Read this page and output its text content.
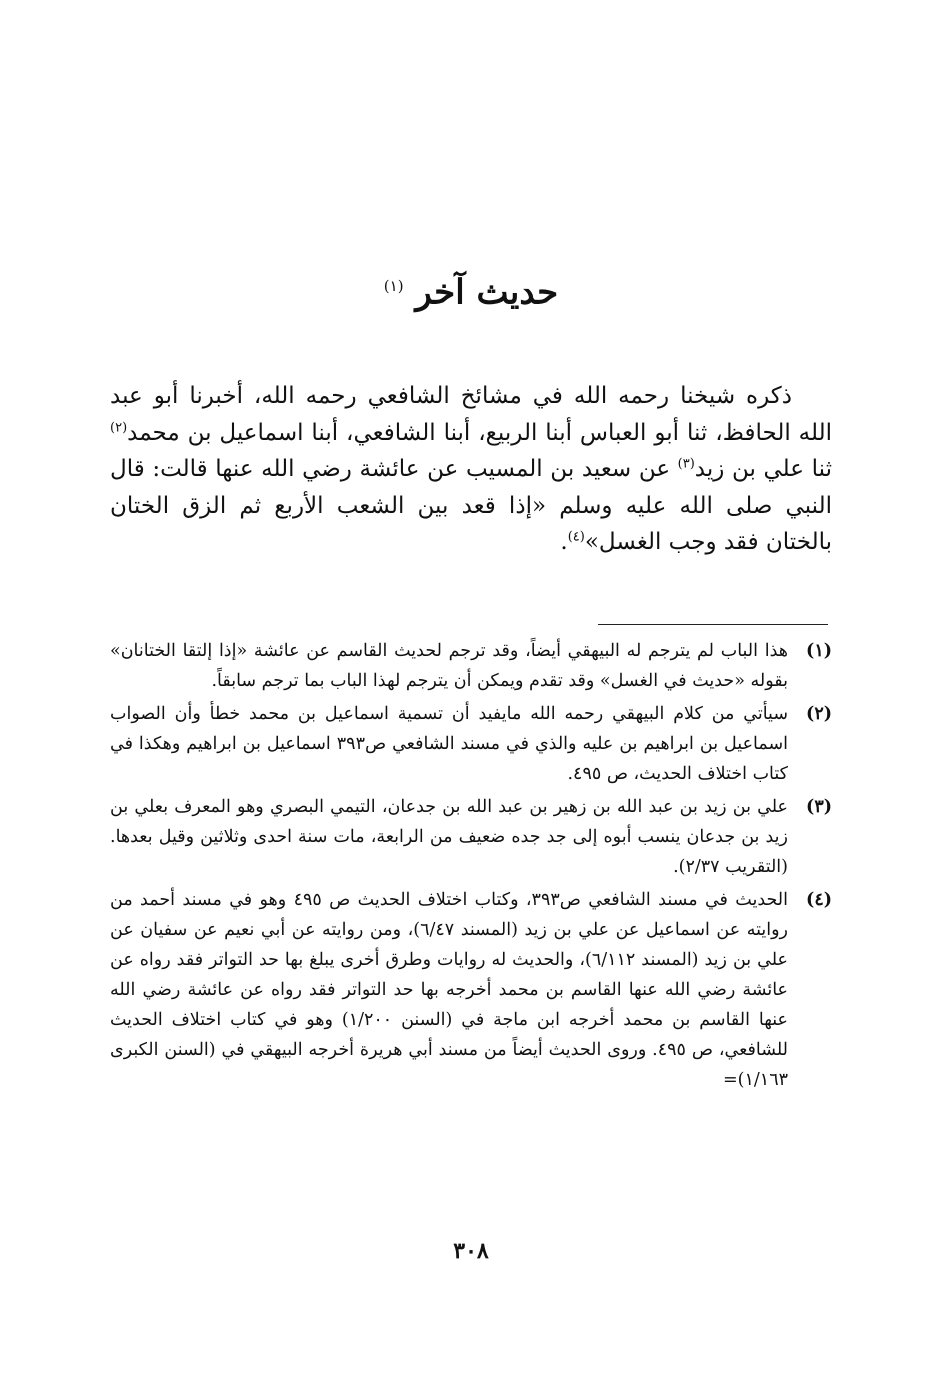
حديث آخر $^{(١)}$
ذكره شيخنا رحمه الله في مشائخ الشافعي رحمه الله، أخبرنا أبو عبد الله الحافظ، ثنا أبو العباس أبنا الربيع، أبنا الشافعي، أبنا اسماعيل بن محمد$^{(٢)}$ ثنا علي بن زيد$^{(٣)}$ عن سعيد بن المسيب عن عائشة رضي الله عنها قالت: قال النبي صلى الله عليه وسلم «إذا قعد بين الشعب الأربع ثم الزق الختان بالختان فقد وجب الغسل»$^{(٤)}$.
(١)
هذا الباب لم يترجم له البيهقي أيضاً، وقد ترجم لحديث القاسم عن عائشة «إذا إلتقا الختانان» بقوله «حديث في الغسل» وقد تقدم ويمكن أن يترجم لهذا الباب بما ترجم سابقاً.
(٢)
سيأتي من كلام البيهقي رحمه الله مايفيد أن تسمية اسماعيل بن محمد خطأ وأن الصواب اسماعيل بن ابراهيم بن عليه والذي في مسند الشافعي ص٣٩٣ اسماعيل بن ابراهيم وهكذا في كتاب اختلاف الحديث، ص ٤٩٥.
(٣)
علي بن زيد بن عبد الله بن زهير بن عبد الله بن جدعان، التيمي البصري وهو المعرف بعلي بن زيد بن جدعان ينسب أبوه إلى جد جده ضعيف من الرابعة، مات سنة احدى وثلاثين وقيل بعدها. (التقريب ٢/٣٧).
(٤)
الحديث في مسند الشافعي ص٣٩٣، وكتاب اختلاف الحديث ص ٤٩٥ وهو في مسند أحمد من روايته عن اسماعيل عن علي بن زيد (المسند ٦/٤٧)، ومن روايته عن أبي نعيم عن سفيان عن علي بن زيد (المسند ٦/١١٢)، والحديث له روايات وطرق أخرى يبلغ بها حد التواتر فقد رواه عن عائشة رضي الله عنها القاسم بن محمد أخرجه بها حد التواتر فقد رواه عن عائشة رضي الله عنها القاسم بن محمد أخرجه ابن ماجة في (السنن ١/٢٠٠) وهو في كتاب اختلاف الحديث للشافعي، ص ٤٩٥. وروى الحديث أيضاً من مسند أبي هريرة أخرجه البيهقي في (السنن الكبرى ١/١٦٣)=
٣٠٨
